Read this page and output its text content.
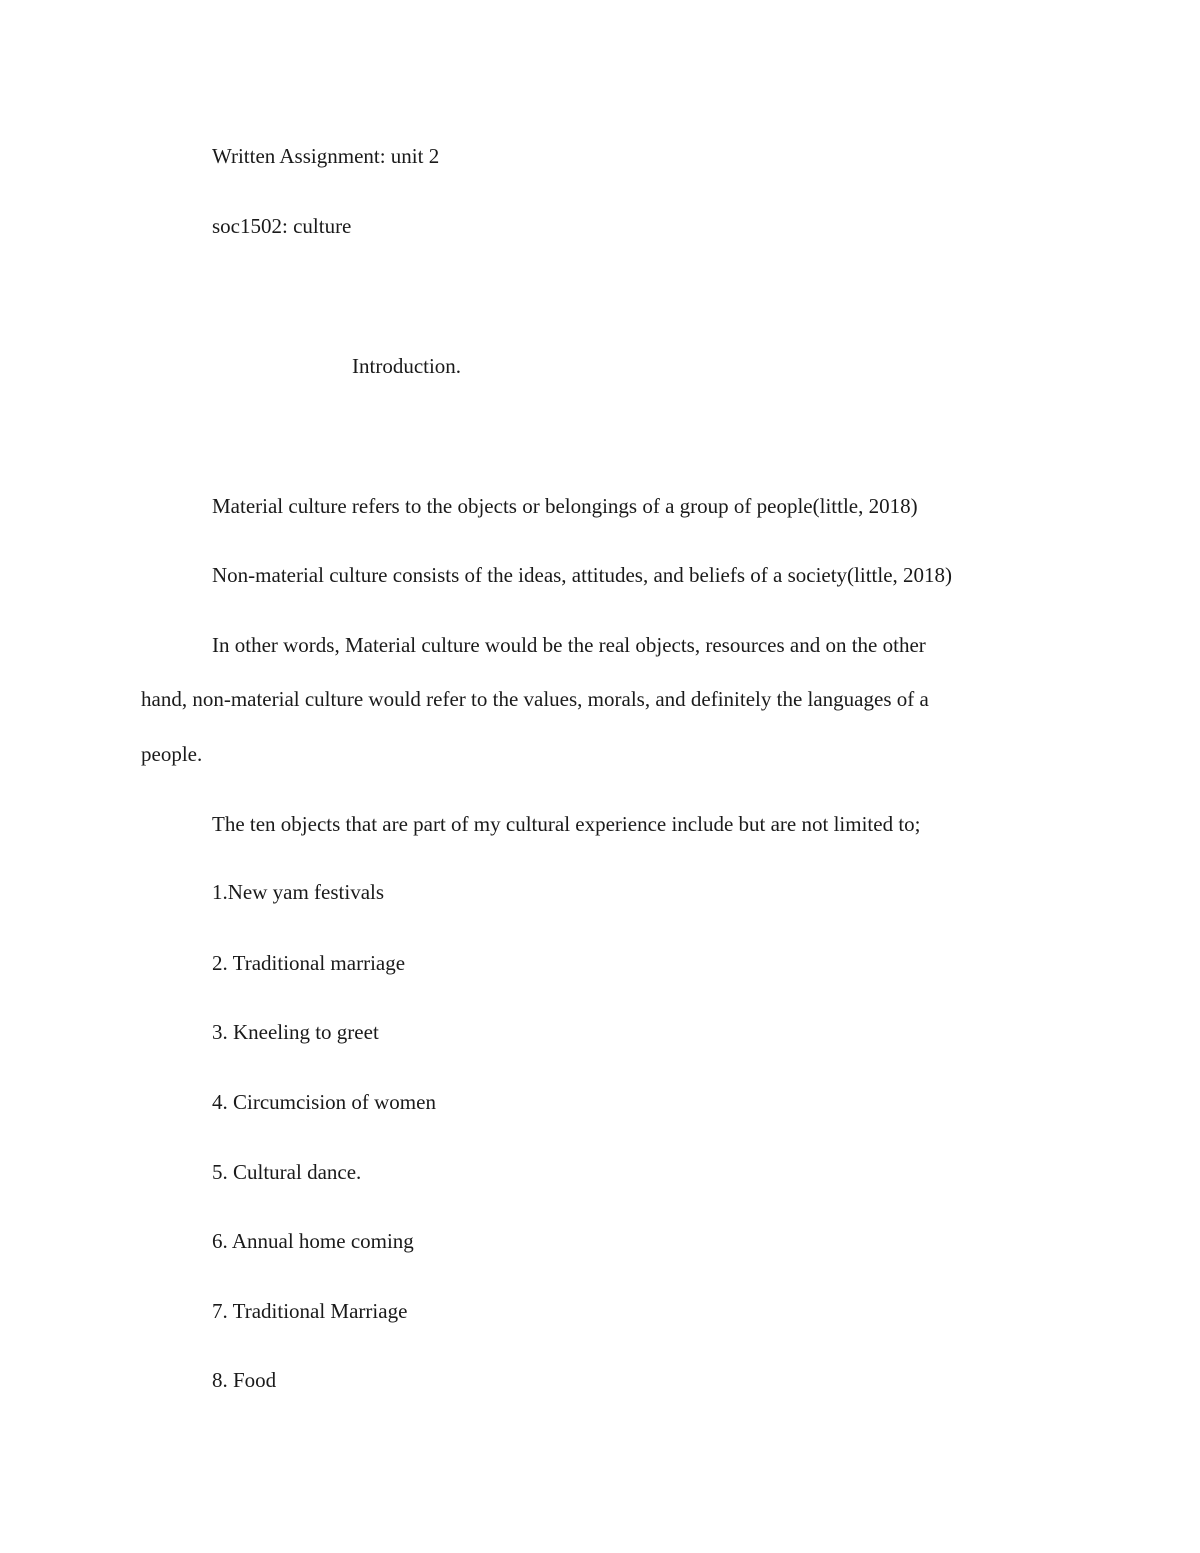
Written Assignment: unit 2
soc1502: culture
Introduction.
Material culture refers to the objects or belongings of a group of people(little, 2018)
Non-material culture consists of the ideas, attitudes, and beliefs of a society(little, 2018)
In other words, Material culture would be the real objects, resources and on the other
hand, non-material culture would refer to the values, morals, and definitely the languages of a
people.
The ten objects that are part of my cultural experience include but are not limited to;
1.New yam festivals
2. Traditional marriage
3. Kneeling to greet
4. Circumcision of women
5. Cultural dance.
6. Annual home coming
7. Traditional Marriage
8. Food
